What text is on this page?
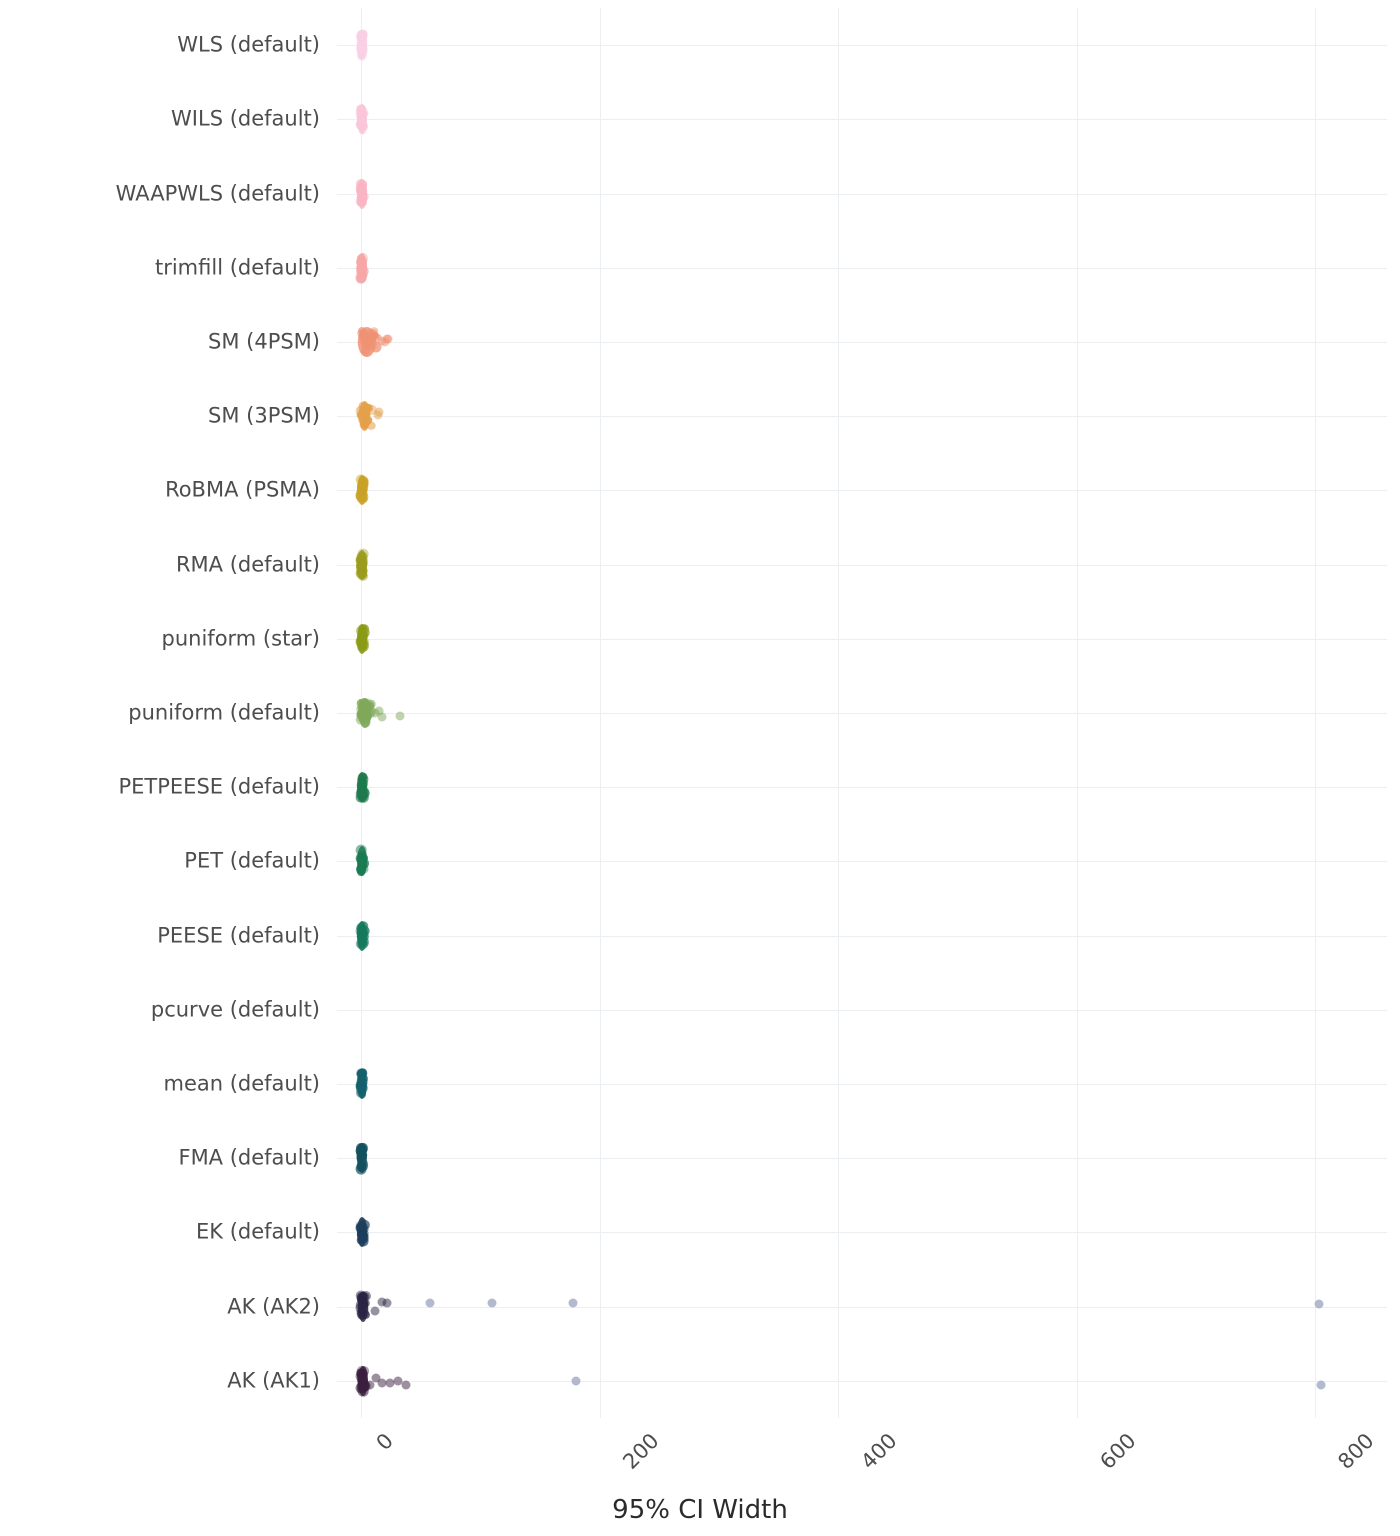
WLS (default)
WILS (default)
WAAPWLS (default)
trimfill (default)
SM (4PSM)
SM (3PSM)
RoBMA (PSMA)
RMA (default)
puniform (star)
puniform (default)
PETPEESE (default)
PET (default)
PEESE (default)
pcurve (default)
mean (default)
FMA (default)
EK (default)
AK (AK2)
AK (AK1)
0	200	400	600	800
95% CI Width
